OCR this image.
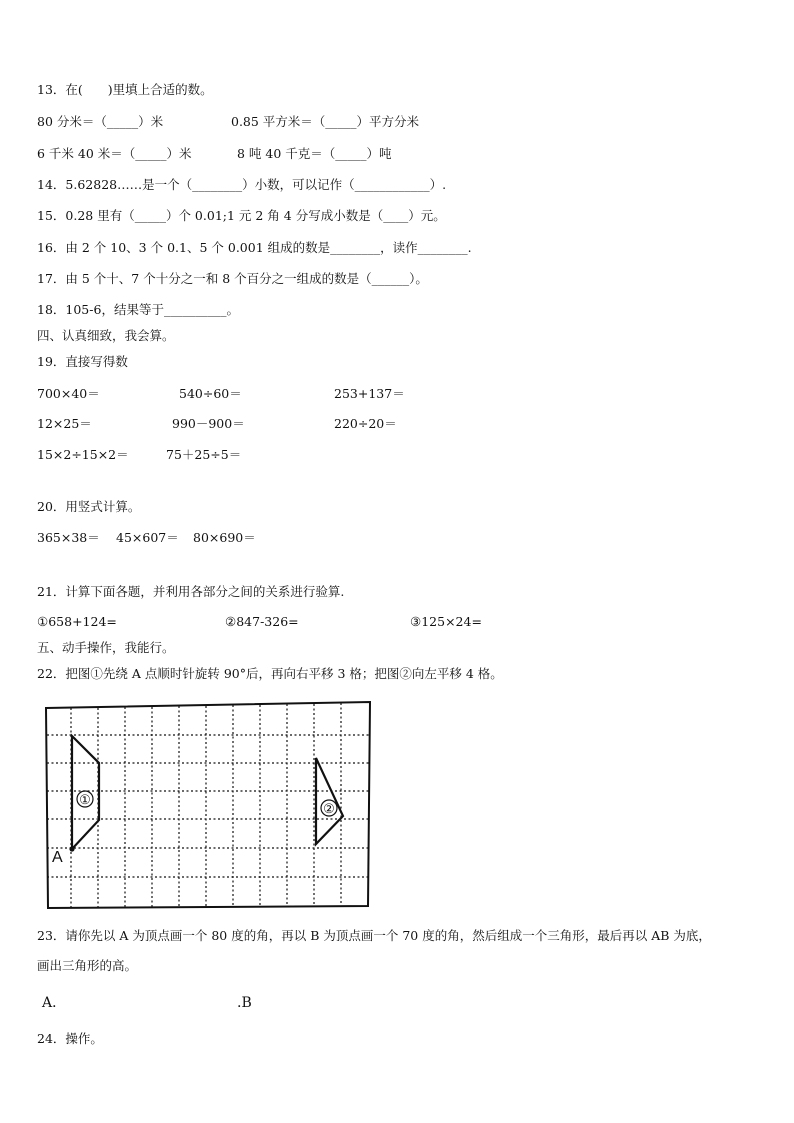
13．在(　　)里填上合适的数。
80 分米＝（_____）米	0.85 平方米＝（_____）平方分米
6 千米 40 米＝（_____）米	8 吨 40 千克＝（_____）吨
14．5.62828……是一个（________）小数，可以记作（____________）.
15．0.28 里有（_____）个 0.01;1 元 2 角 4 分写成小数是（____）元。
16．由 2 个 10、3 个 0.1、5 个 0.001 组成的数是________，读作________.
17．由 5 个十、7 个十分之一和 8 个百分之一组成的数是（______）。
18．105-6，结果等于__________。
四、认真细致，我会算。
19．直接写得数
700×40＝	540÷60＝	253+137＝
12×25＝	990－900＝	220÷20＝
15×2÷15×2＝	75＋25÷5＝
20．用竖式计算。
365×38＝ 45×607＝ 80×690＝
21．计算下面各题，并利用各部分之间的关系进行验算.
①658+124=	②847-326=	③125×24=
五、动手操作，我能行。
22．把图①先绕 A 点顺时针旋转 90°后，再向右平移 3 格；把图②向左平移 4 格。
①
②
A
23．请你先以 A 为顶点画一个 80 度的角，再以 B 为顶点画一个 70 度的角，然后组成一个三角形，最后再以 AB 为底，
画出三角形的高。
A．	.B
24．操作。
